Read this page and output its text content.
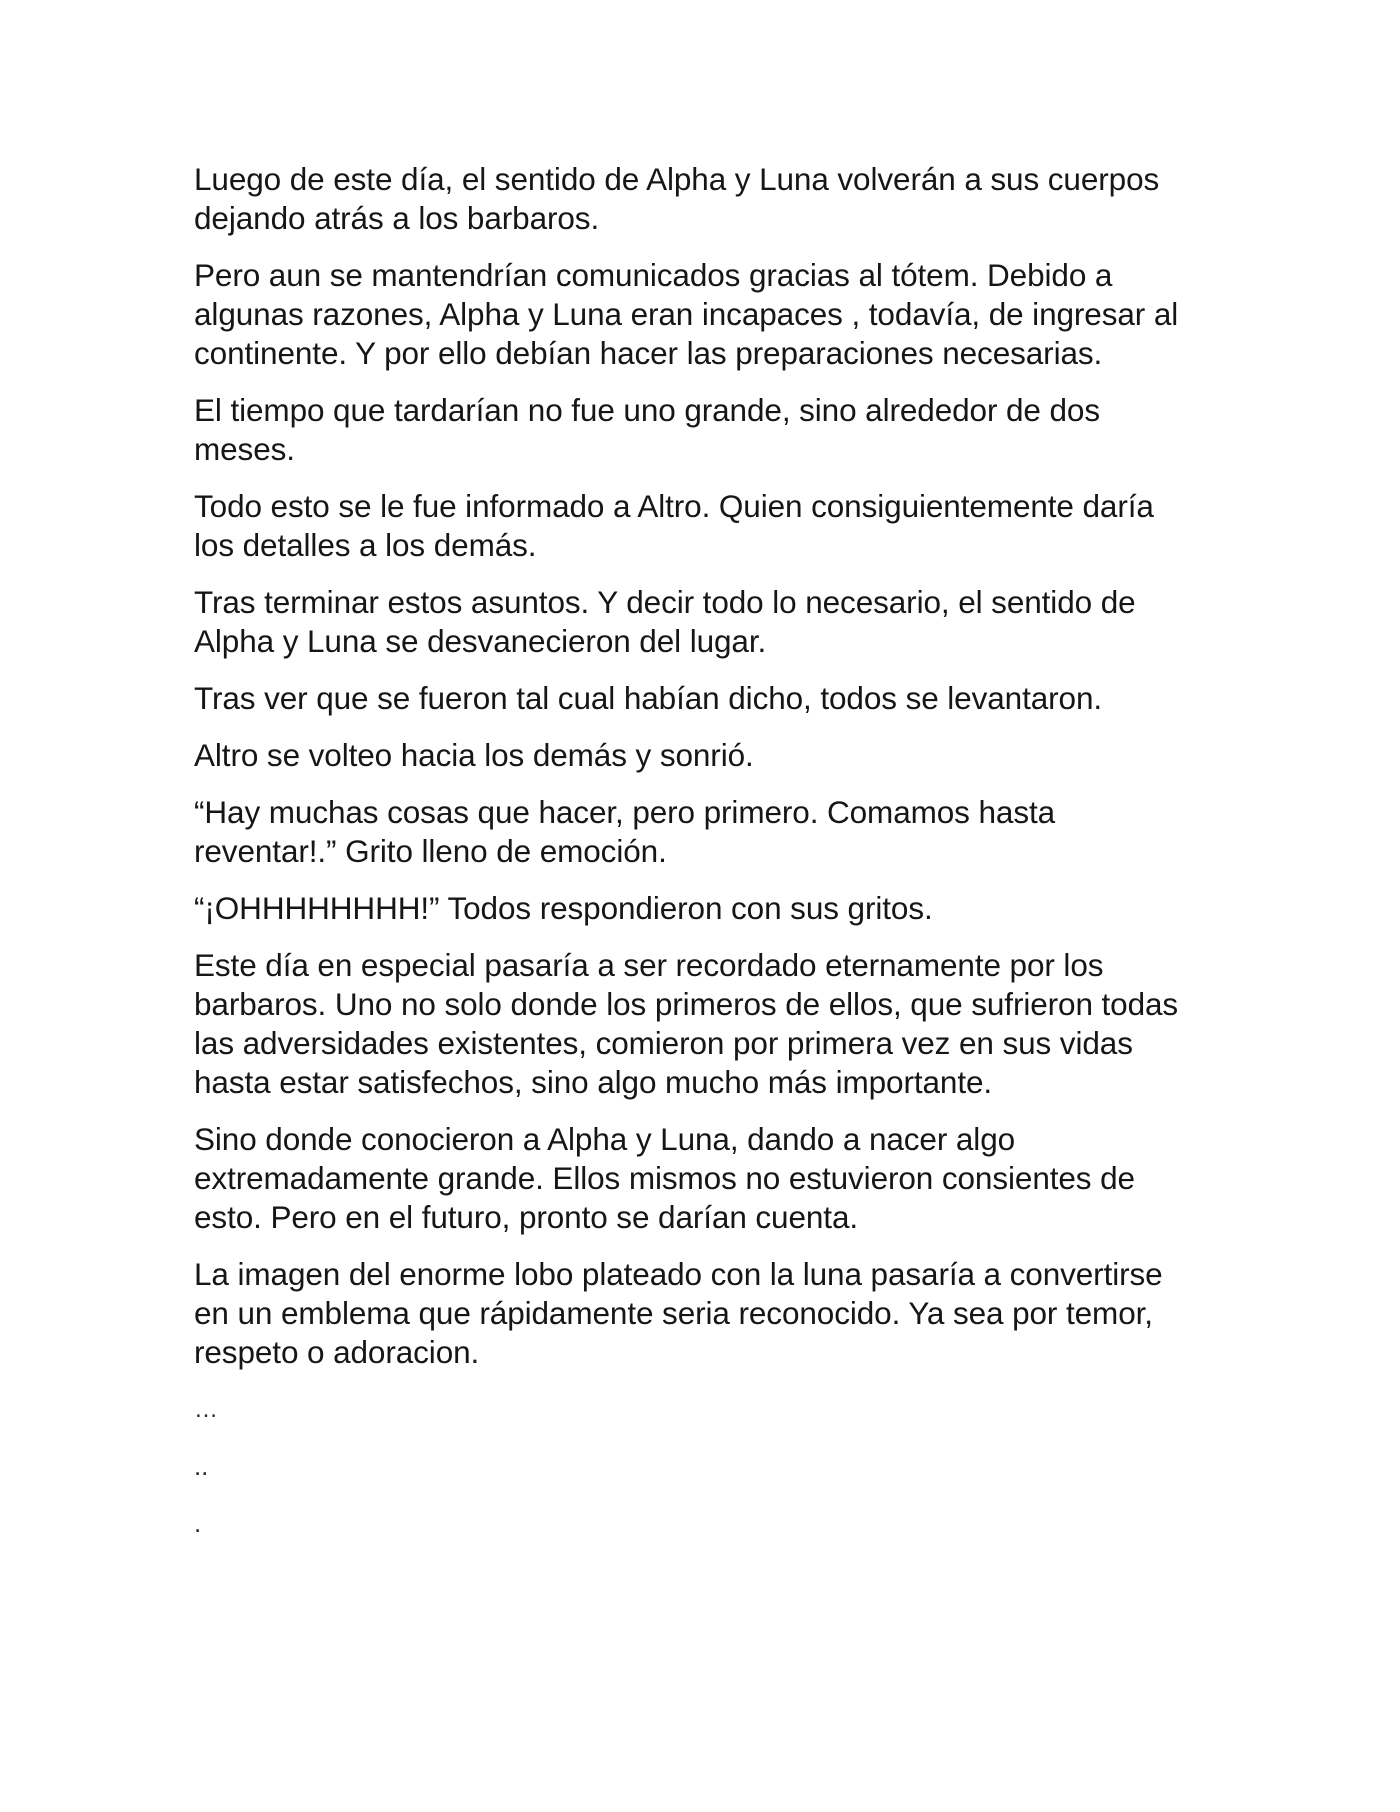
Luego de este día, el sentido de Alpha y Luna volverán a sus cuerpos
dejando atrás a los barbaros.

Pero aun se mantendrían comunicados gracias al tótem. Debido a
algunas razones, Alpha y Luna eran incapaces , todavía, de ingresar al
continente. Y por ello debían hacer las preparaciones necesarias.

El tiempo que tardarían no fue uno grande, sino alrededor de dos
meses.

Todo esto se le fue informado a Altro. Quien consiguientemente daría
los detalles a los demás.

Tras terminar estos asuntos. Y decir todo lo necesario, el sentido de
Alpha y Luna se desvanecieron del lugar.

Tras ver que se fueron tal cual habían dicho, todos se levantaron.

Altro se volteo hacia los demás y sonrió.

“Hay muchas cosas que hacer, pero primero. Comamos hasta
reventar!.” Grito lleno de emoción.

“¡OHHHHHHHH!” Todos respondieron con sus gritos.

Este día en especial pasaría a ser recordado eternamente por los
barbaros. Uno no solo donde los primeros de ellos, que sufrieron todas
las adversidades existentes, comieron por primera vez en sus vidas
hasta estar satisfechos, sino algo mucho más importante.

Sino donde conocieron a Alpha y Luna, dando a nacer algo
extremadamente grande. Ellos mismos no estuvieron consientes de
esto. Pero en el futuro, pronto se darían cuenta.

La imagen del enorme lobo plateado con la luna pasaría a convertirse
en un emblema que rápidamente seria reconocido. Ya sea por temor,
respeto o adoracion.

…

..

.
